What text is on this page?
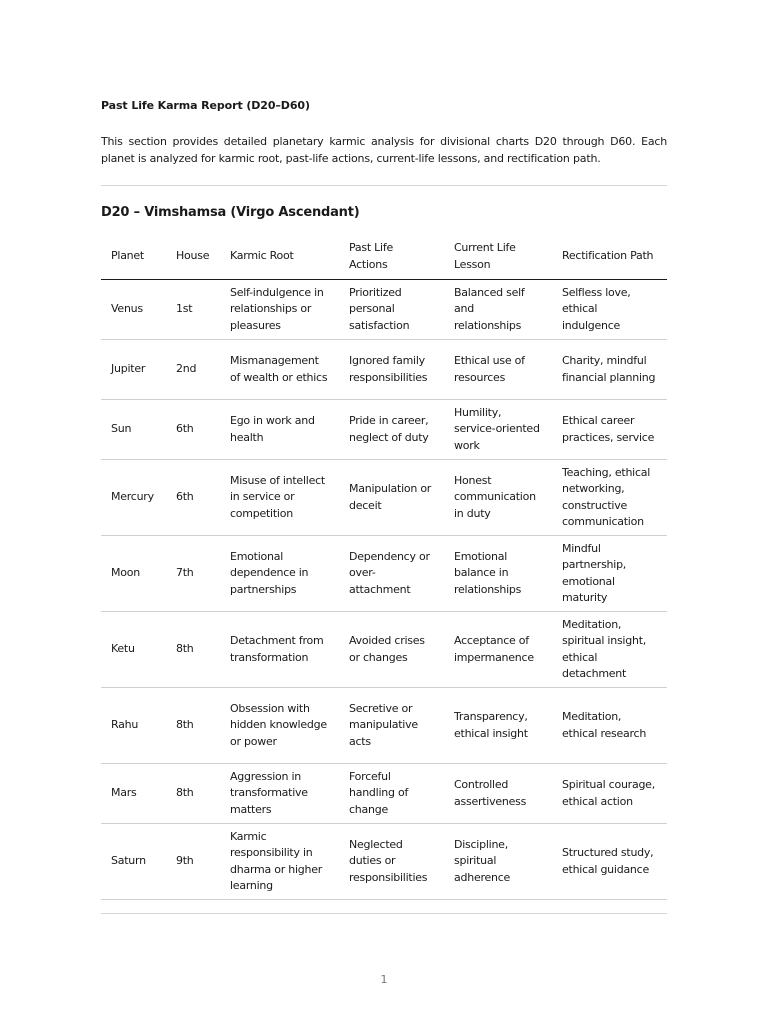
Past Life Karma Report (D20–D60)
This section provides detailed planetary karmic analysis for divisional charts D20 through D60. Each planet is analyzed for karmic root, past-life actions, current-life lessons, and rectification path.
D20 – Vimshamsa (Virgo Ascendant)
Planet	House	Karmic Root	Past Life Actions	Current Life Lesson	Rectification Path
Venus	1st	Self-indulgence in relationships or pleasures	Prioritized personal satisfaction	Balanced self and relationships	Selfless love, ethical indulgence
Jupiter	2nd	Mismanagement of wealth or ethics	Ignored family responsibilities	Ethical use of resources	Charity, mindful financial planning
Sun	6th	Ego in work and health	Pride in career, neglect of duty	Humility, service-oriented work	Ethical career practices, service
Mercury	6th	Misuse of intellect in service or competition	Manipulation or deceit	Honest communication in duty	Teaching, ethical networking, constructive communication
Moon	7th	Emotional dependence in partnerships	Dependency or over-attachment	Emotional balance in relationships	Mindful partnership, emotional maturity
Ketu	8th	Detachment from transformation	Avoided crises or changes	Acceptance of impermanence	Meditation, spiritual insight, ethical detachment
Rahu	8th	Obsession with hidden knowledge or power	Secretive or manipulative acts	Transparency, ethical insight	Meditation, ethical research
Mars	8th	Aggression in transformative matters	Forceful handling of change	Controlled assertiveness	Spiritual courage, ethical action
Saturn	9th	Karmic responsibility in dharma or higher learning	Neglected duties or responsibilities	Discipline, spiritual adherence	Structured study, ethical guidance
1
